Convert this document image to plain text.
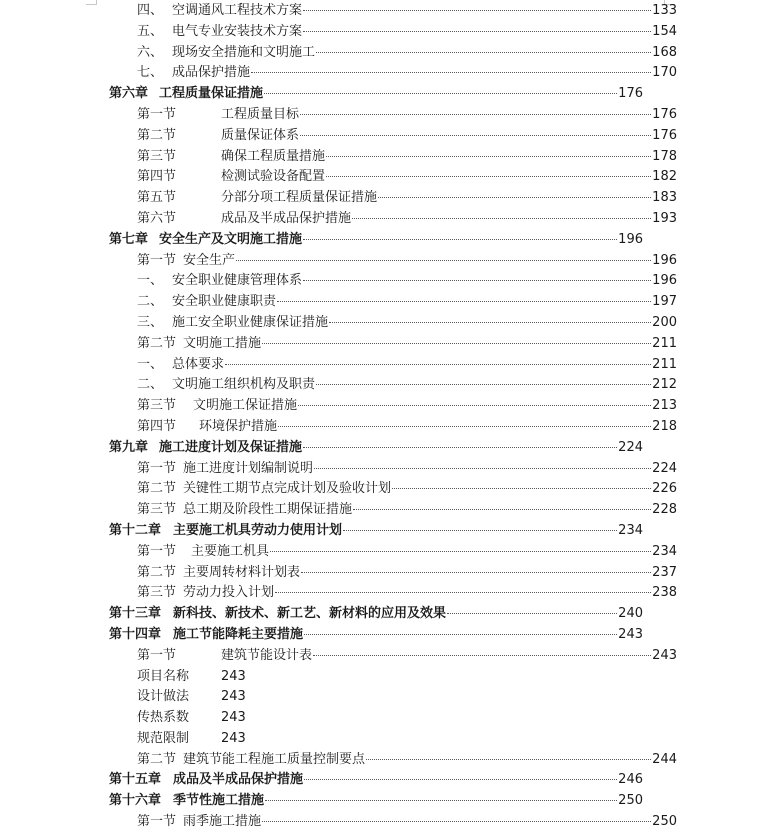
四、 空调通风工程技术方案	133
五、 电气专业安装技术方案	154
六、 现场安全措施和文明施工	168
七、 成品保护措施	170
第六章 工程质量保证措施	176
第一节	工程质量目标	176
第二节	质量保证体系	176
第三节	确保工程质量措施	178
第四节	检测试验设备配置	182
第五节	分部分项工程质量保证措施	183
第六节	成品及半成品保护措施	193
第七章 安全生产及文明施工措施	196
第一节 安全生产	196
一、 安全职业健康管理体系	196
二、 安全职业健康职责	197
三、 施工安全职业健康保证措施	200
第二节 文明施工措施	211
一、 总体要求	211
二、 文明施工组织机构及职责	212
第三节	文明施工保证措施	213
第四节	环境保护措施	218
第九章 施工进度计划及保证措施	224
第一节 施工进度计划编制说明	224
第二节 关键性工期节点完成计划及验收计划	226
第三节 总工期及阶段性工期保证措施	228
第十二章 主要施工机具劳动力使用计划	234
第一节	主要施工机具	234
第二节 主要周转材料计划表	237
第三节 劳动力投入计划	238
第十三章 新科技、新技术、新工艺、新材料的应用及效果	240
第十四章 施工节能降耗主要措施	243
第一节	建筑节能设计表	243
项目名称	243
设计做法	243
传热系数	243
规范限制	243
第二节 建筑节能工程施工质量控制要点	244
第十五章 成品及半成品保护措施	246
第十六章 季节性施工措施	250
第一节 雨季施工措施	250
